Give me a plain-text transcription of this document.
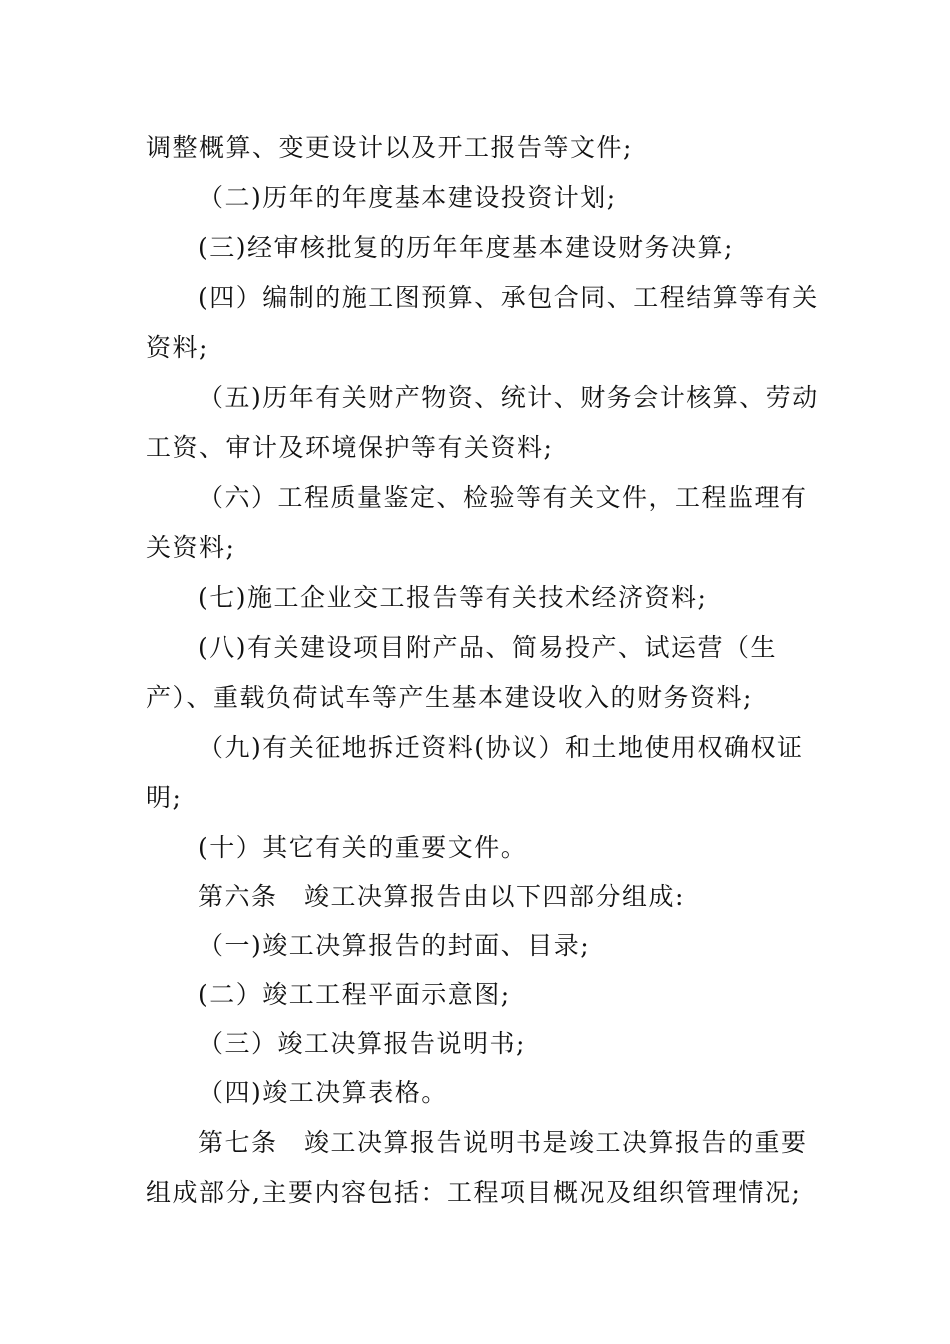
调整概算、变更设计以及开工报告等文件;
（二)历年的年度基本建设投资计划;
(三)经审核批复的历年年度基本建设财务决算;
(四）编制的施工图预算、承包合同、工程结算等有关
资料;
（五)历年有关财产物资、统计、财务会计核算、劳动
工资、审计及环境保护等有关资料;
（六）工程质量鉴定、检验等有关文件，工程监理有
关资料;
(七)施工企业交工报告等有关技术经济资料;
(八)有关建设项目附产品、简易投产、试运营（生
产）、重载负荷试车等产生基本建设收入的财务资料;
（九)有关征地拆迁资料(协议）和土地使用权确权证
明;
(十）其它有关的重要文件。
第六条　竣工决算报告由以下四部分组成:
（一)竣工决算报告的封面、目录;
(二）竣工工程平面示意图;
（三）竣工决算报告说明书;
（四)竣工决算表格。
第七条　竣工决算报告说明书是竣工决算报告的重要
组成部分,主要内容包括：工程项目概况及组织管理情况;
